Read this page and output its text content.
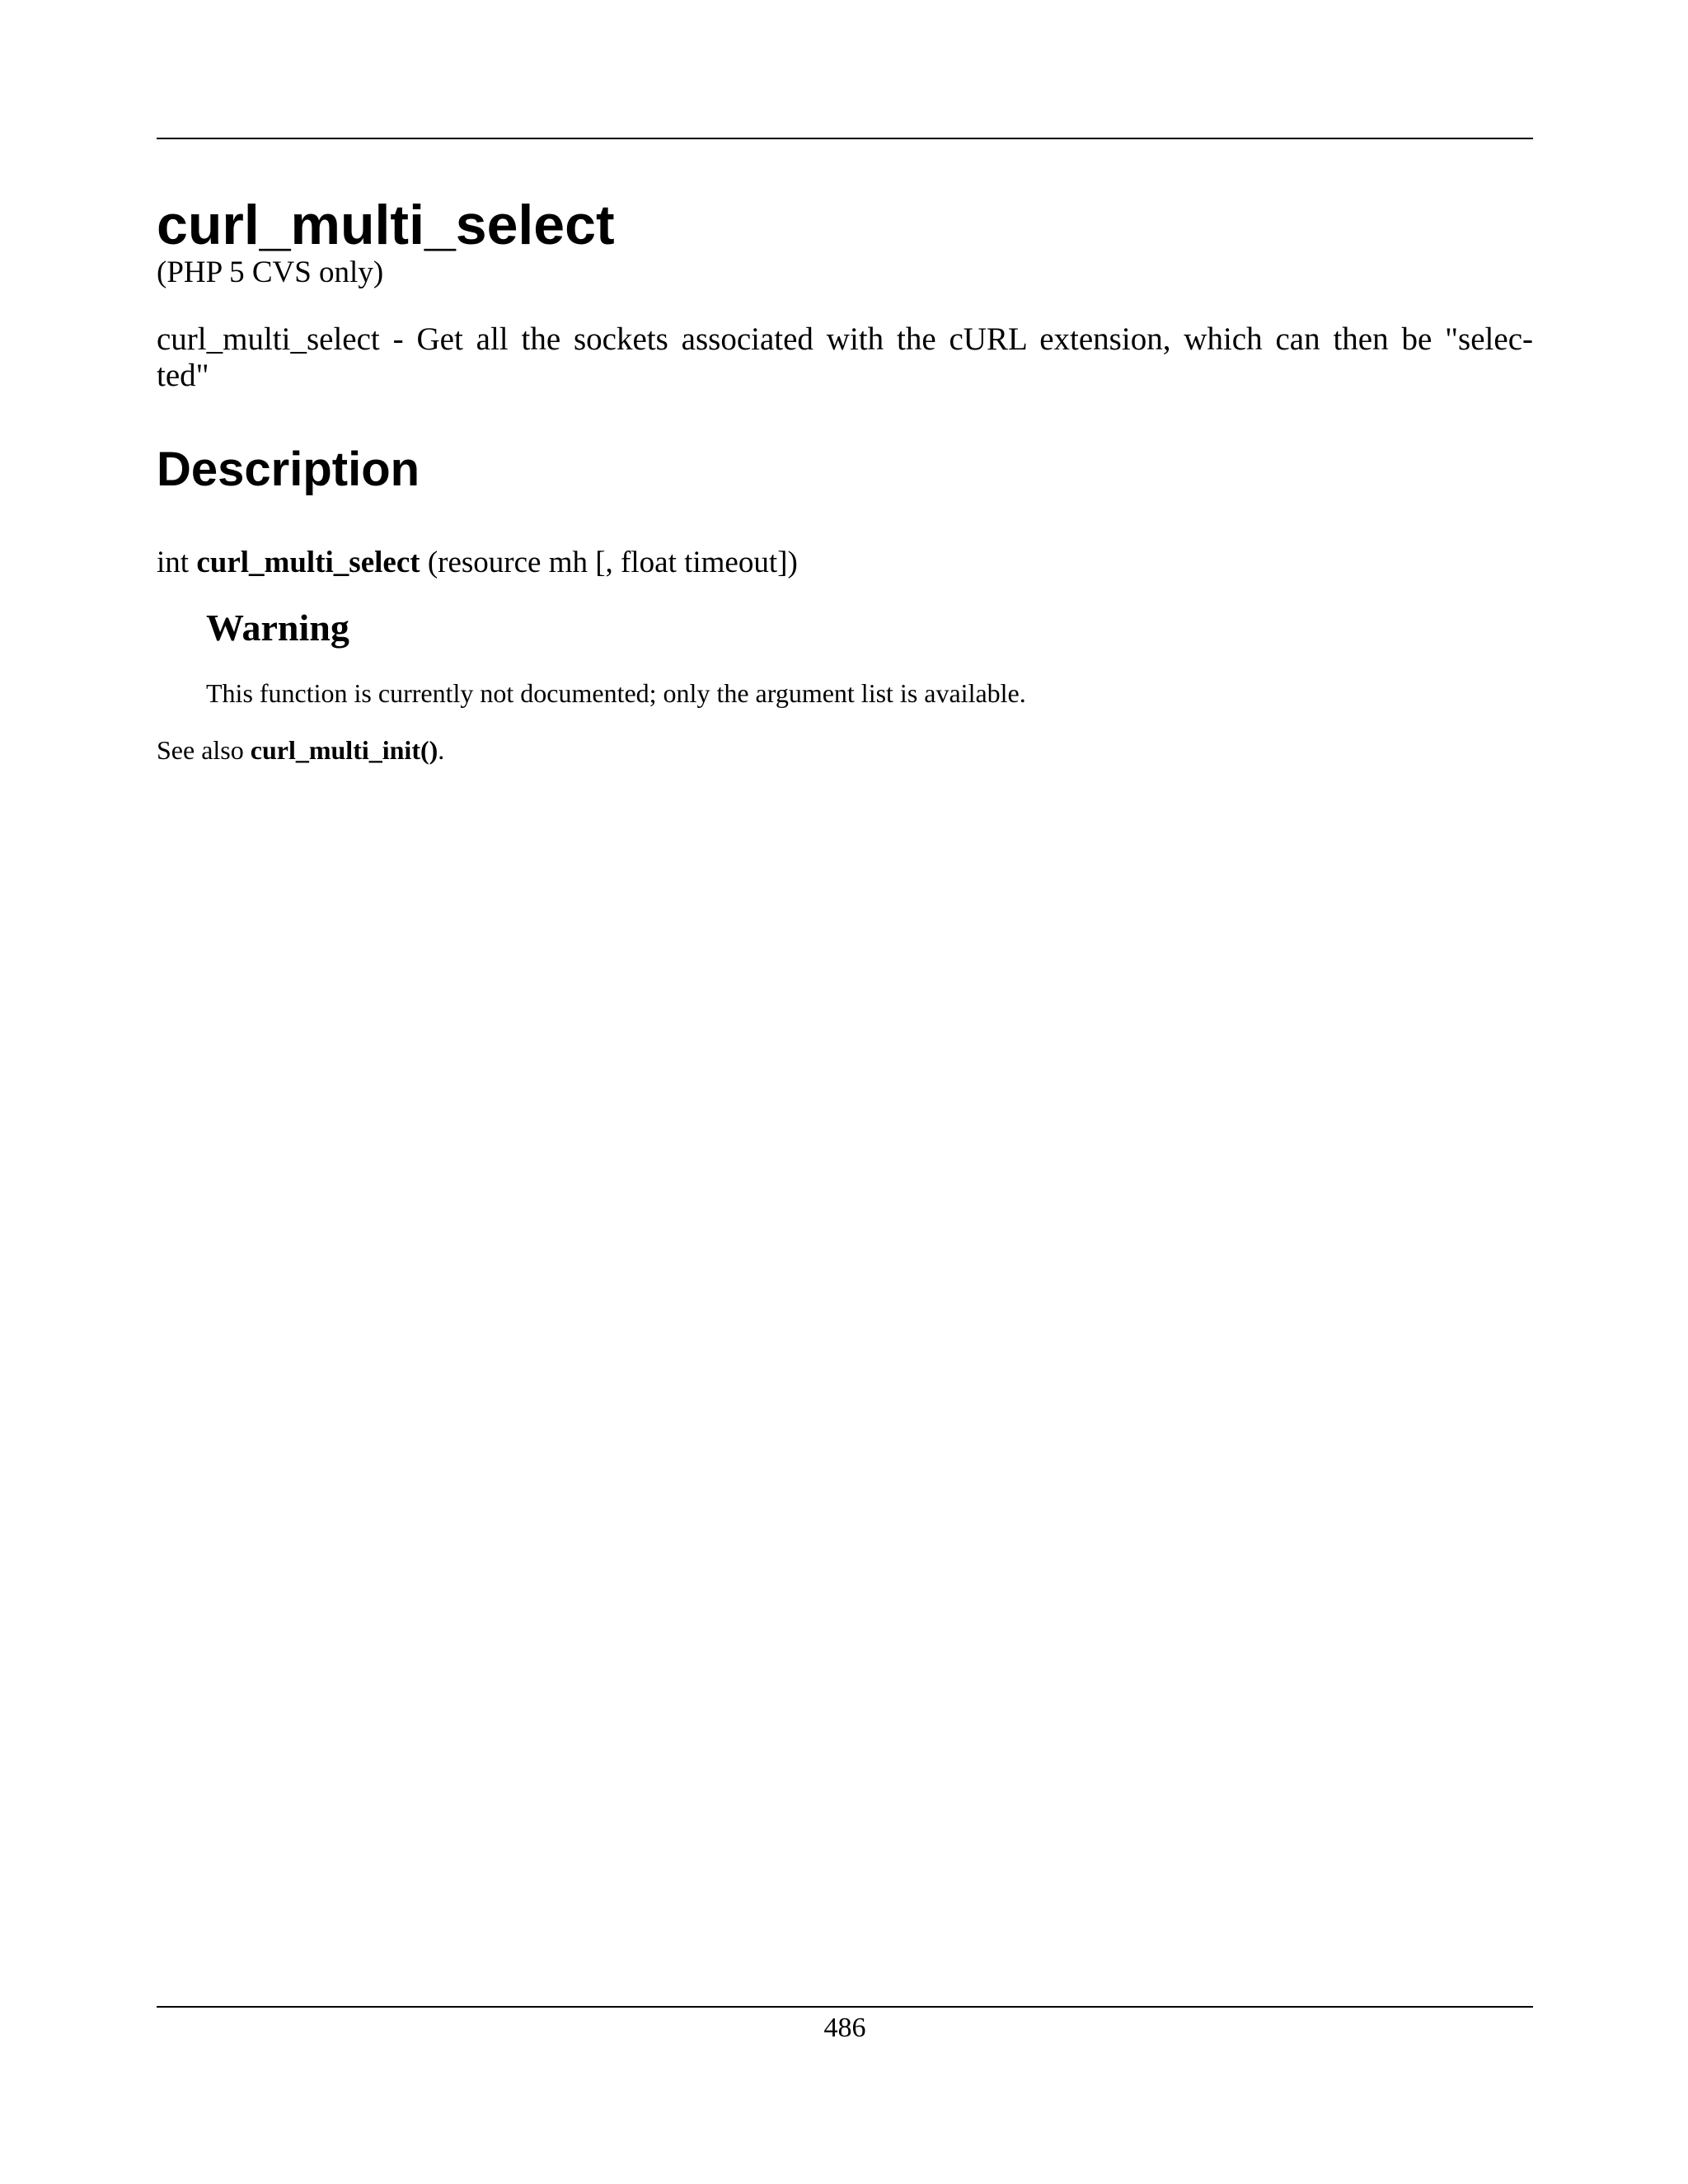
curl_multi_select

(PHP 5 CVS only)

curl_multi_select - Get all the sockets associated with the cURL extension, which can then be "selec-
ted"

Description

int curl_multi_select (resource mh [, float timeout])

Warning

This function is currently not documented; only the argument list is available.

See also curl_multi_init().

486
